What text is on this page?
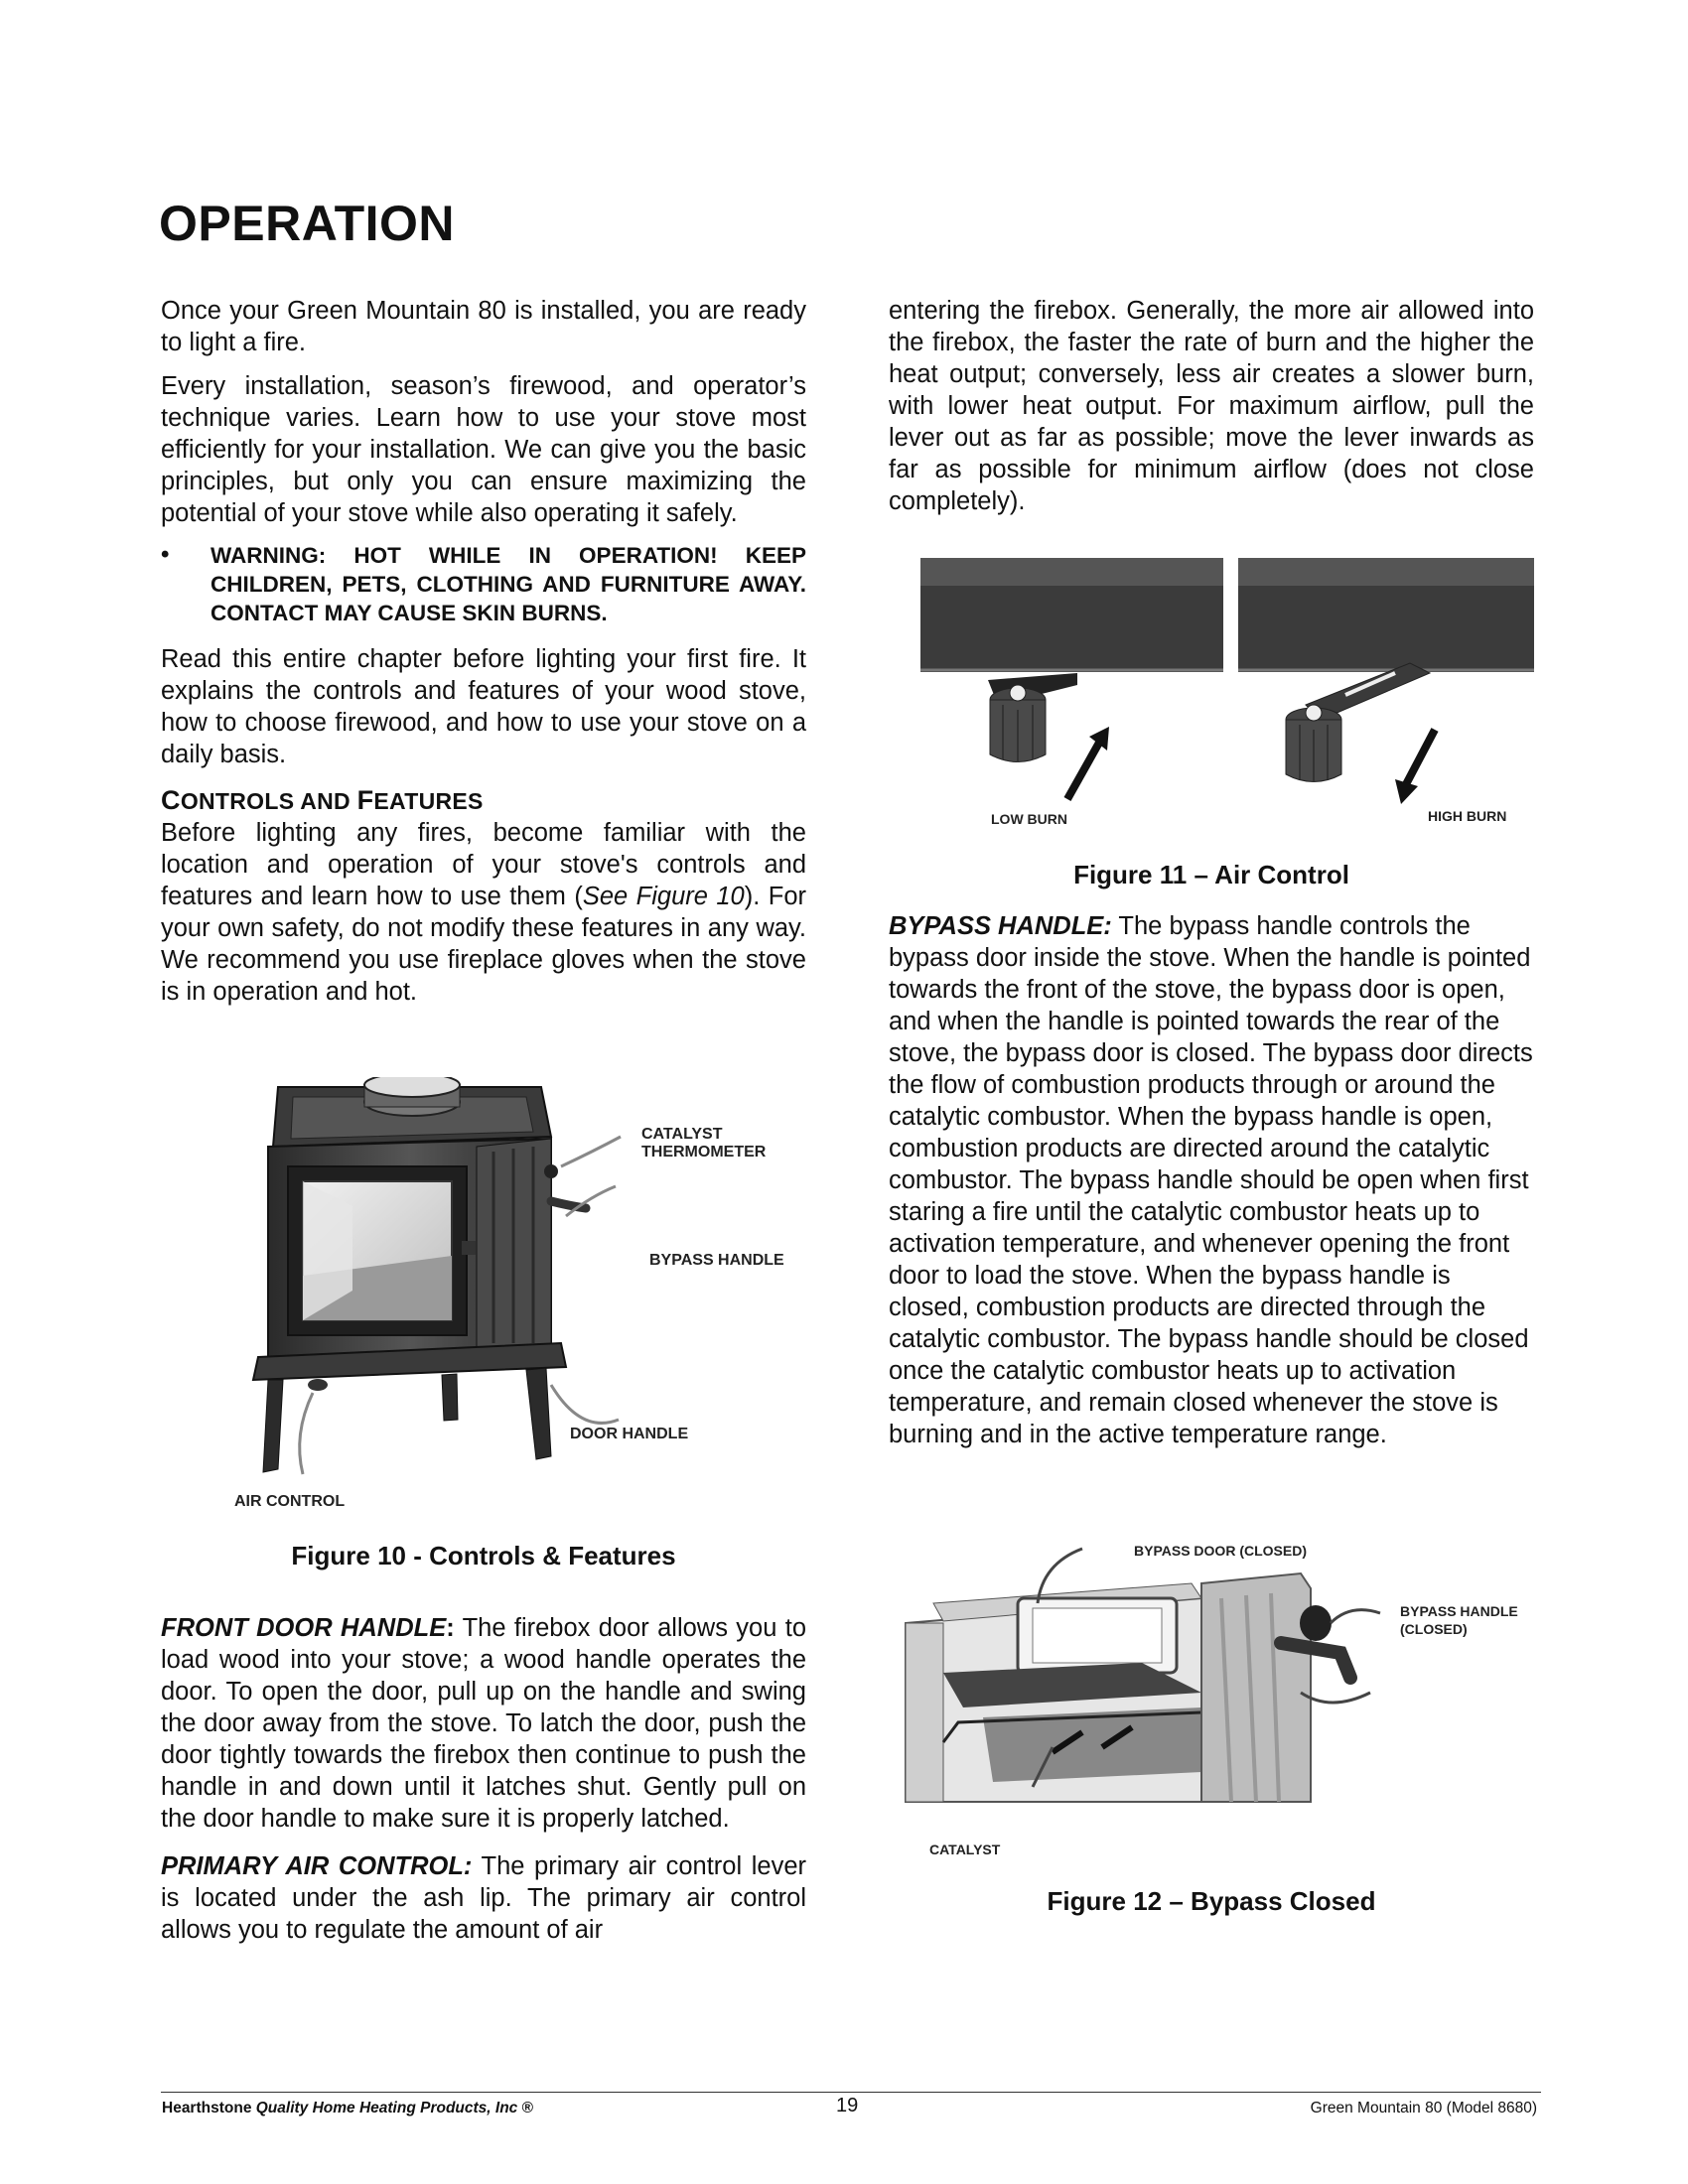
OPERATION

Once your Green Mountain 80 is installed, you are ready to light a fire.

Every installation, season’s firewood, and operator’s technique varies. Learn how to use your stove most efficiently for your installation. We can give you the basic principles, but only you can ensure maximizing the potential of your stove while also operating it safely.

• WARNING: HOT WHILE IN OPERATION! KEEP CHILDREN, PETS, CLOTHING AND FURNITURE AWAY. CONTACT MAY CAUSE SKIN BURNS.

Read this entire chapter before lighting your first fire. It explains the controls and features of your wood stove, how to choose firewood, and how to use your stove on a daily basis.

CONTROLS AND FEATURES

Before lighting any fires, become familiar with the location and operation of your stove's controls and features and learn how to use them (See Figure 10). For your own safety, do not modify these features in any way. We recommend you use fireplace gloves when the stove is in operation and hot.

CATALYST
THERMOMETER
BYPASS HANDLE
DOOR HANDLE
AIR CONTROL
Figure 10 - Controls & Features

FRONT DOOR HANDLE: The firebox door allows you to load wood into your stove; a wood handle operates the door. To open the door, pull up on the handle and swing the door away from the stove. To latch the door, push the door tightly towards the firebox then continue to push the handle in and down until it latches shut. Gently pull on the door handle to make sure it is properly latched.

PRIMARY AIR CONTROL: The primary air control lever is located under the ash lip. The primary air control allows you to regulate the amount of air

entering the firebox. Generally, the more air allowed into the firebox, the faster the rate of burn and the higher the heat output; conversely, less air creates a slower burn, with lower heat output. For maximum airflow, pull the lever out as far as possible; move the lever inwards as far as possible for minimum airflow (does not close completely).

LOW BURN	HIGH BURN
Figure 11 – Air Control

BYPASS HANDLE: The bypass handle controls the bypass door inside the stove. When the handle is pointed towards the front of the stove, the bypass door is open, and when the handle is pointed towards the rear of the stove, the bypass door is closed. The bypass door directs the flow of combustion products through or around the catalytic combustor. When the bypass handle is open, combustion products are directed around the catalytic combustor. The bypass handle should be open when first staring a fire until the catalytic combustor heats up to activation temperature, and whenever opening the front door to load the stove. When the bypass handle is closed, combustion products are directed through the catalytic combustor. The bypass handle should be closed once the catalytic combustor heats up to activation temperature, and remain closed whenever the stove is burning and in the active temperature range.

BYPASS DOOR (CLOSED)
BYPASS HANDLE
(CLOSED)
CATALYST
Figure 12 – Bypass Closed
Hearthstone Quality Home Heating Products, Inc ®	19	Green Mountain 80 (Model 8680)
